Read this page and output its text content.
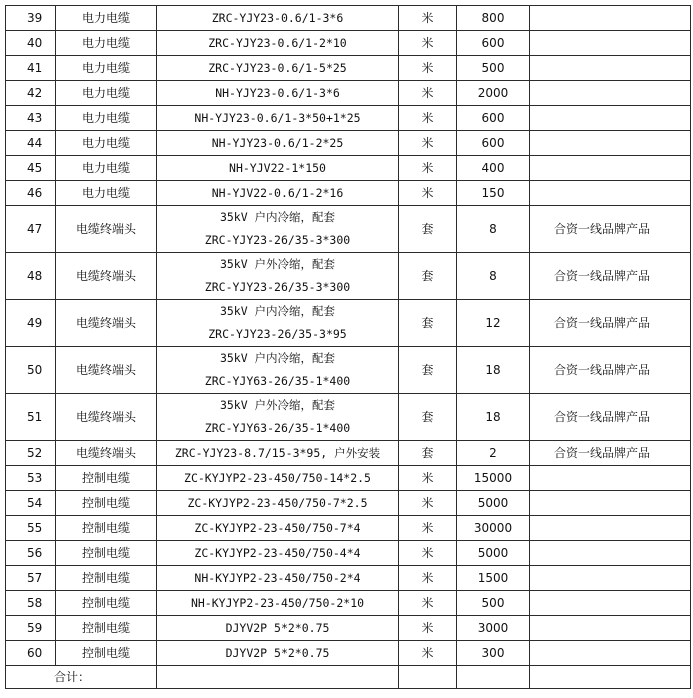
39	电力电缆	ZRC-YJY23-0.6/1-3*6	米	800	
40	电力电缆	ZRC-YJY23-0.6/1-2*10	米	600	
41	电力电缆	ZRC-YJY23-0.6/1-5*25	米	500	
42	电力电缆	NH-YJY23-0.6/1-3*6	米	2000	
43	电力电缆	NH-YJY23-0.6/1-3*50+1*25	米	600	
44	电力电缆	NH-YJY23-0.6/1-2*25	米	600	
45	电力电缆	NH-YJV22-1*150	米	400	
46	电力电缆	NH-YJV22-0.6/1-2*16	米	150	
47	电缆终端头	35kV 户内冷缩，配套
ZRC-YJY23-26/35-3*300	套	8	合资一线品牌产品
48	电缆终端头	35kV 户外冷缩，配套
ZRC-YJY23-26/35-3*300	套	8	合资一线品牌产品
49	电缆终端头	35kV 户内冷缩，配套
ZRC-YJY23-26/35-3*95	套	12	合资一线品牌产品
50	电缆终端头	35kV 户内冷缩，配套
ZRC-YJY63-26/35-1*400	套	18	合资一线品牌产品
51	电缆终端头	35kV 户外冷缩，配套
ZRC-YJY63-26/35-1*400	套	18	合资一线品牌产品
52	电缆终端头	ZRC-YJY23-8.7/15-3*95, 户外安装	套	2	合资一线品牌产品
53	控制电缆	ZC-KYJYP2-23-450/750-14*2.5	米	15000	
54	控制电缆	ZC-KYJYP2-23-450/750-7*2.5	米	5000	
55	控制电缆	ZC-KYJYP2-23-450/750-7*4	米	30000	
56	控制电缆	ZC-KYJYP2-23-450/750-4*4	米	5000	
57	控制电缆	NH-KYJYP2-23-450/750-2*4	米	1500	
58	控制电缆	NH-KYJYP2-23-450/750-2*10	米	500	
59	控制电缆	DJYV2P 5*2*0.75	米	3000	
60	控制电缆	DJYV2P 5*2*0.75	米	300	
合计：					
